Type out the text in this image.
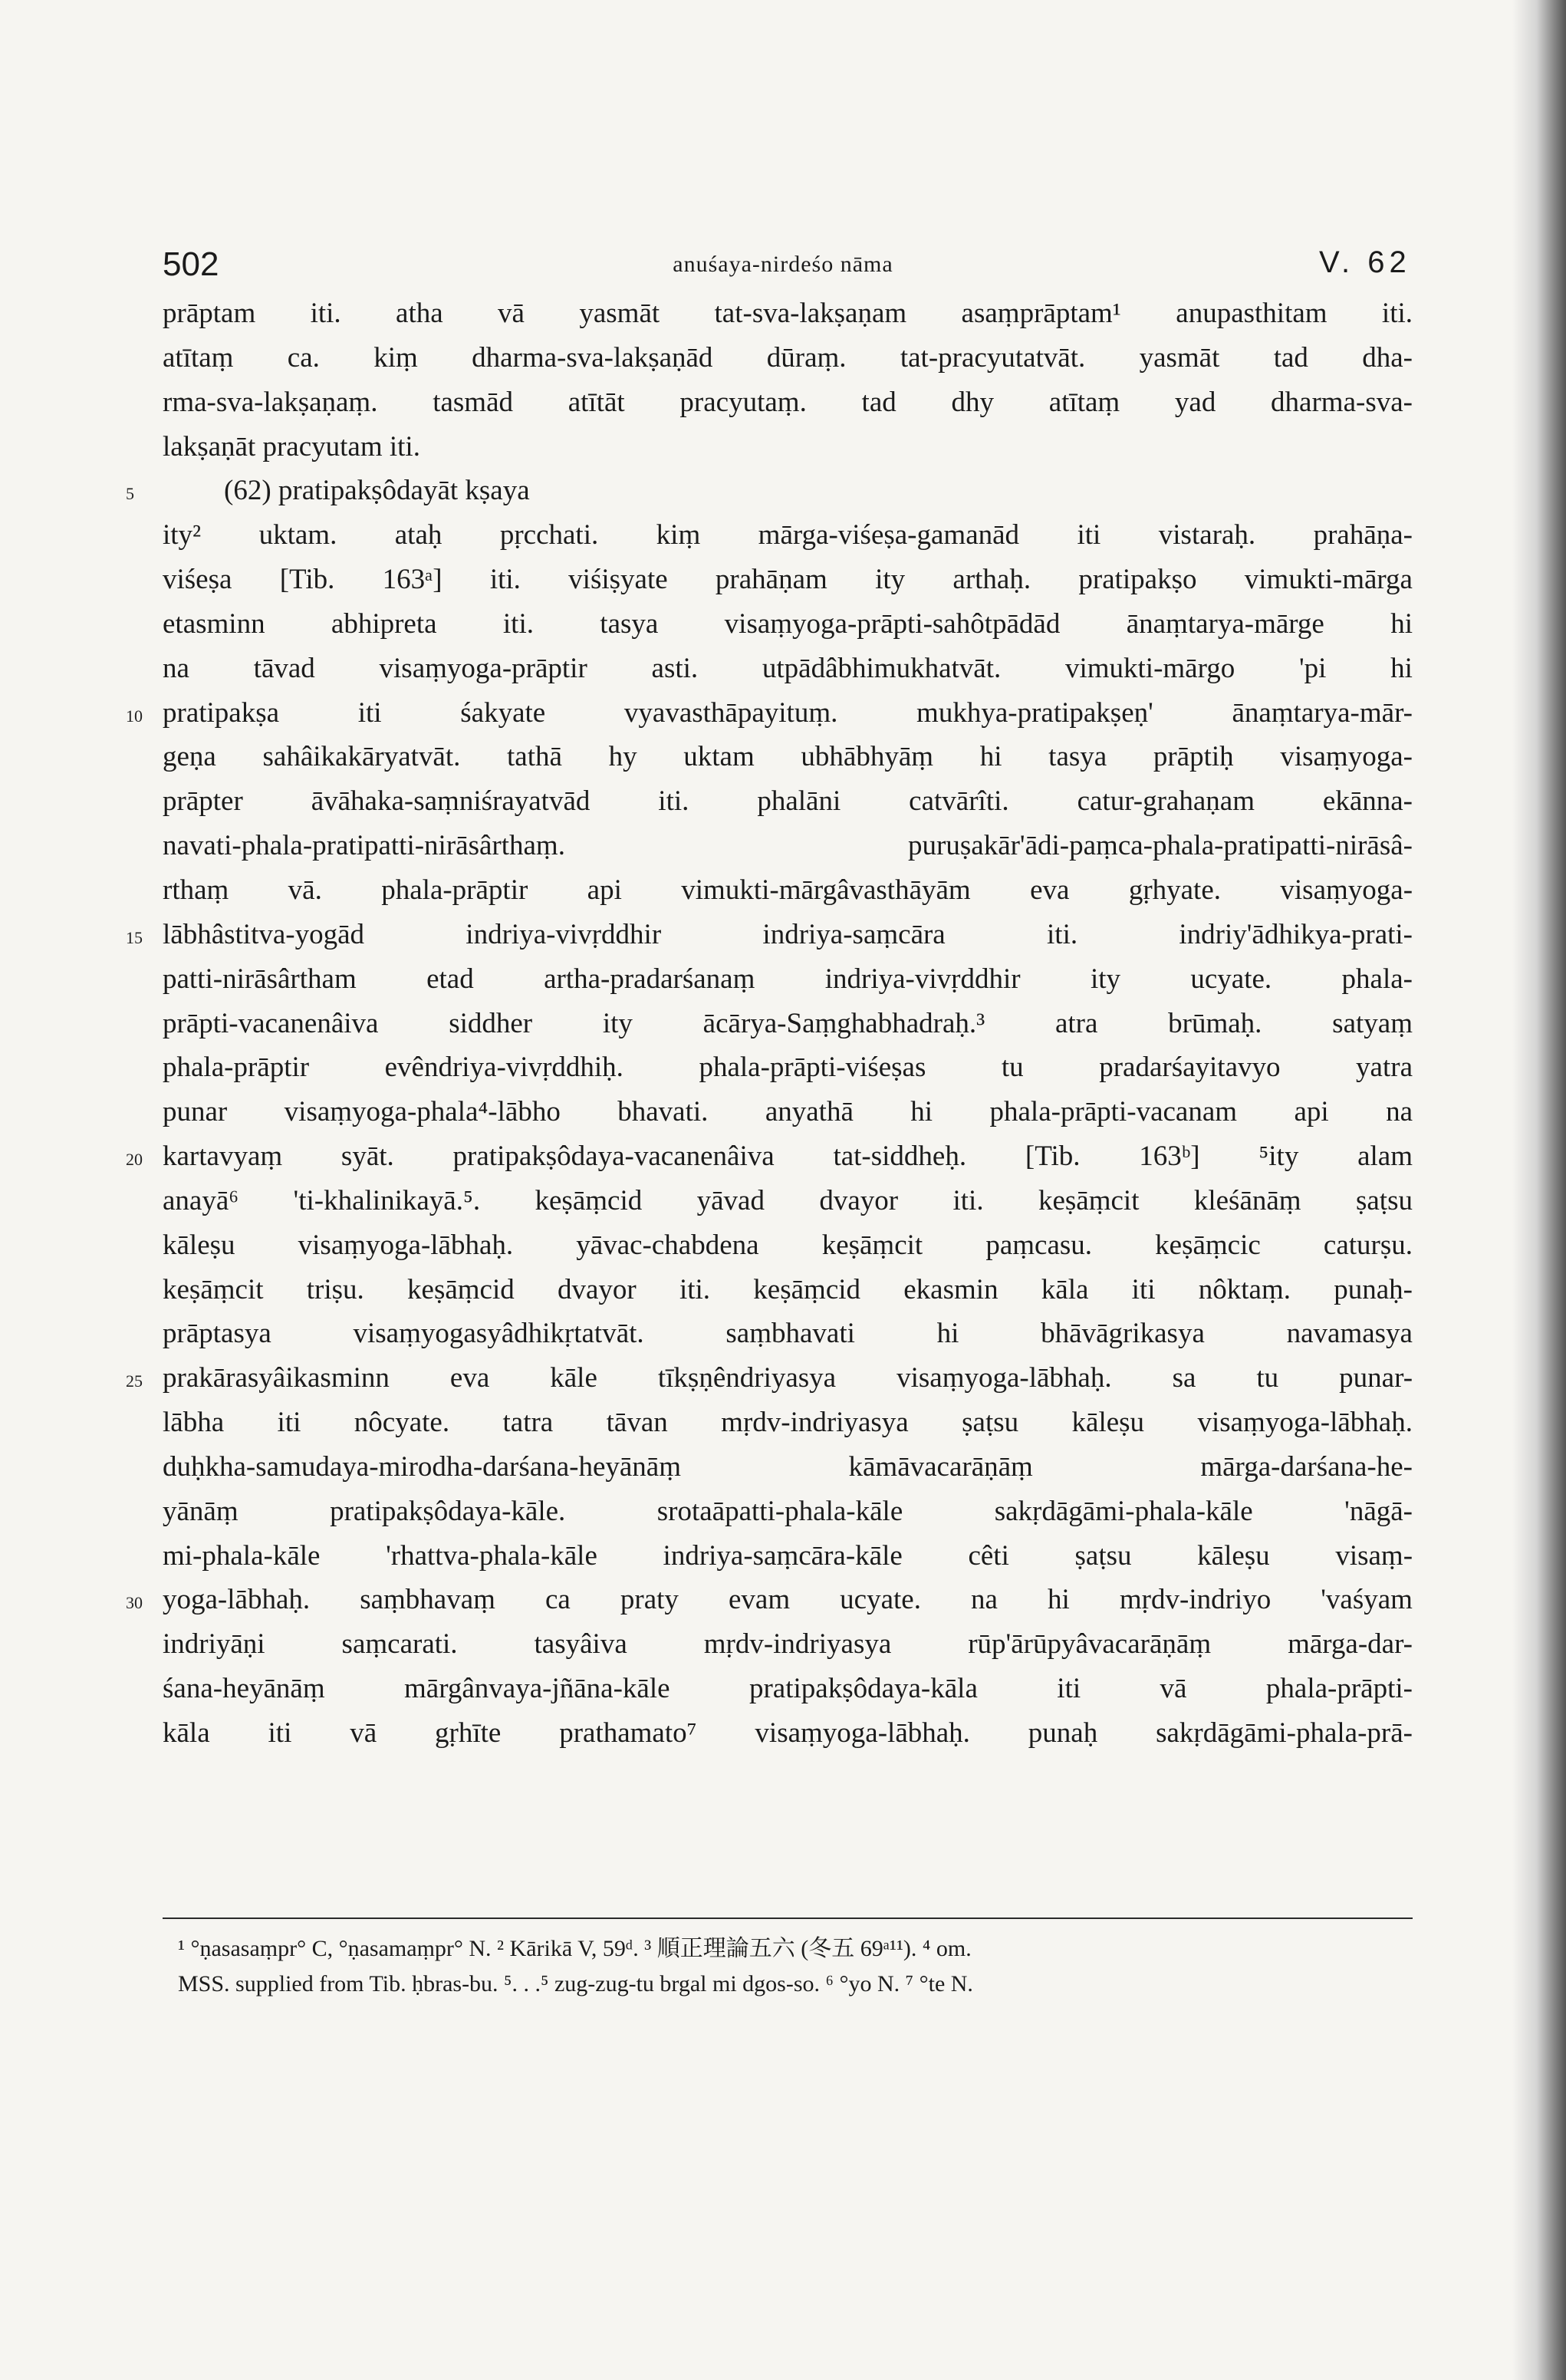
502	anuśaya-nirdeśo nāma	V. 62
prāptam iti. atha vā yasmāt tat-sva-lakṣaṇam asaṃprāptam¹ anupasthitam iti.
atītaṃ ca. kiṃ dharma-sva-lakṣaṇād dūraṃ. tat-pracyutatvāt. yasmāt tad dha-
rma-sva-lakṣaṇaṃ. tasmād atītāt pracyutaṃ. tad dhy atītaṃ yad dharma-sva-
lakṣaṇāt pracyutam iti.
5	(62) pratipakṣôdayāt kṣaya
ity² uktam. ataḥ pṛcchati. kiṃ mārga-viśeṣa-gamanād iti vistaraḥ. prahāṇa-
viśeṣa [Tib. 163ᵃ] iti. viśiṣyate prahāṇam ity arthaḥ. pratipakṣo vimukti-mārga
etasminn abhipreta iti. tasya visaṃyoga-prāpti-sahôtpādād ānaṃtarya-mārge hi
na tāvad visaṃyoga-prāptir asti. utpādâbhimukhatvāt. vimukti-mārgo 'pi hi
10 pratipakṣa iti śakyate vyavasthāpayituṃ. mukhya-pratipakṣeṇ' ānaṃtarya-mār-
geṇa sahâikakāryatvāt. tathā hy uktam ubhābhyāṃ hi tasya prāptiḥ visaṃyoga-
prāpter āvāhaka-saṃniśrayatvād iti. phalāni catvārîti. catur-grahaṇam ekānna-
navati-phala-pratipatti-nirāsârthaṃ. puruṣakār'ādi-paṃca-phala-pratipatti-nirāsâ-
rthaṃ vā. phala-prāptir api vimukti-mārgâvasthāyām eva gṛhyate. visaṃyoga-
15 lābhâstitva-yogād indriya-vivṛddhir indriya-saṃcāra iti. indriy'ādhikya-prati-
patti-nirāsârtham etad artha-pradarśanaṃ indriya-vivṛddhir ity ucyate. phala-
prāpti-vacanenâiva siddher ity ācārya-Saṃghabhadraḥ.³ atra brūmaḥ. satyaṃ
phala-prāptir evêndriya-vivṛddhiḥ. phala-prāpti-viśeṣas tu pradarśayitavyo yatra
punar visaṃyoga-phala⁴-lābho bhavati. anyathā hi phala-prāpti-vacanam api na
20 kartavyaṃ syāt. pratipakṣôdaya-vacanenâiva tat-siddheḥ. [Tib. 163ᵇ] ⁵ity alam
anayā⁶ 'ti-khalinikayā.⁵. keṣāṃcid yāvad dvayor iti. keṣāṃcit kleśānāṃ ṣaṭsu
kāleṣu visaṃyoga-lābhaḥ. yāvac-chabdena keṣāṃcit paṃcasu. keṣāṃcic caturṣu.
keṣāṃcit triṣu. keṣāṃcid dvayor iti. keṣāṃcid ekasmin kāla iti nôktaṃ. punaḥ-
prāptasya visaṃyogasyâdhikṛtatvāt. saṃbhavati hi bhāvāgrikasya navamasya
25 prakārasyâikasminn eva kāle tīkṣṇêndriyasya visaṃyoga-lābhaḥ. sa tu punar-
lābha iti nôcyate. tatra tāvan mṛdv-indriyasya ṣaṭsu kāleṣu visaṃyoga-lābhaḥ.
duḥkha-samudaya-mirodha-darśana-heyānāṃ kāmāvacarāṇāṃ mārga-darśana-he-
yānāṃ pratipakṣôdaya-kāle. srotaāpatti-phala-kāle sakṛdāgāmi-phala-kāle 'nāgā-
mi-phala-kāle 'rhattva-phala-kāle indriya-saṃcāra-kāle cêti ṣaṭsu kāleṣu visaṃ-
30 yoga-lābhaḥ. saṃbhavaṃ ca praty evam ucyate. na hi mṛdv-indriyo 'vaśyam
indriyāṇi saṃcarati. tasyâiva mṛdv-indriyasya rūp'ārūpyâvacarāṇāṃ mārga-dar-
śana-heyānāṃ mārgânvaya-jñāna-kāle pratipakṣôdaya-kāla iti vā phala-prāpti-
kāla iti vā gṛhīte prathamato⁷ visaṃyoga-lābhaḥ. punaḥ sakṛdāgāmi-phala-prā-
¹ °ṇasasaṃpr° C, °ṇasamaṃpr° N. ² Kārikā V, 59ᵈ. ³ 順正理論五六 (冬五 69ᵃ¹¹). ⁴ om.
MSS. supplied from Tib. ḥbras-bu. ⁵. . .⁵ zug-zug-tu brgal mi dgos-so. ⁶ °yo N. ⁷ °te N.
